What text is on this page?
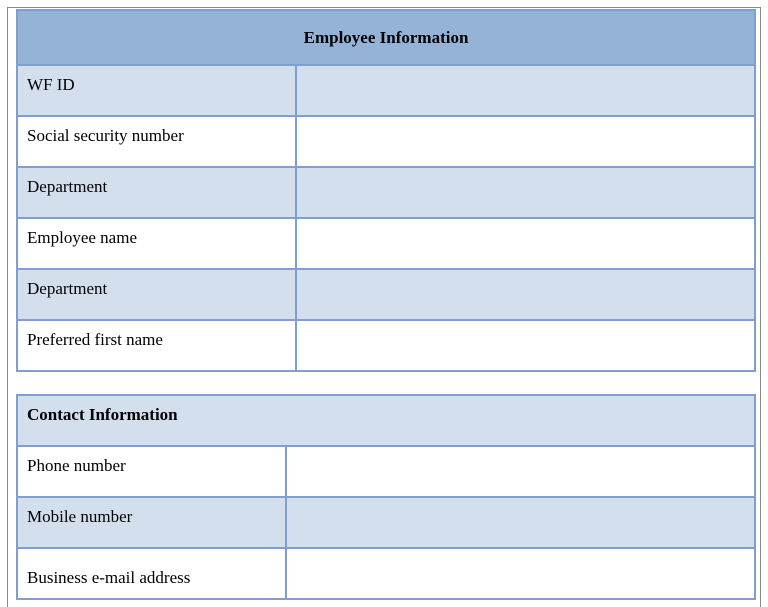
Employee Information	
WF ID	
Social security number	
Department	
Employee name	
Department	
Preferred first name	
Contact Information	
Phone number	
Mobile number	
Business e-mail address	
